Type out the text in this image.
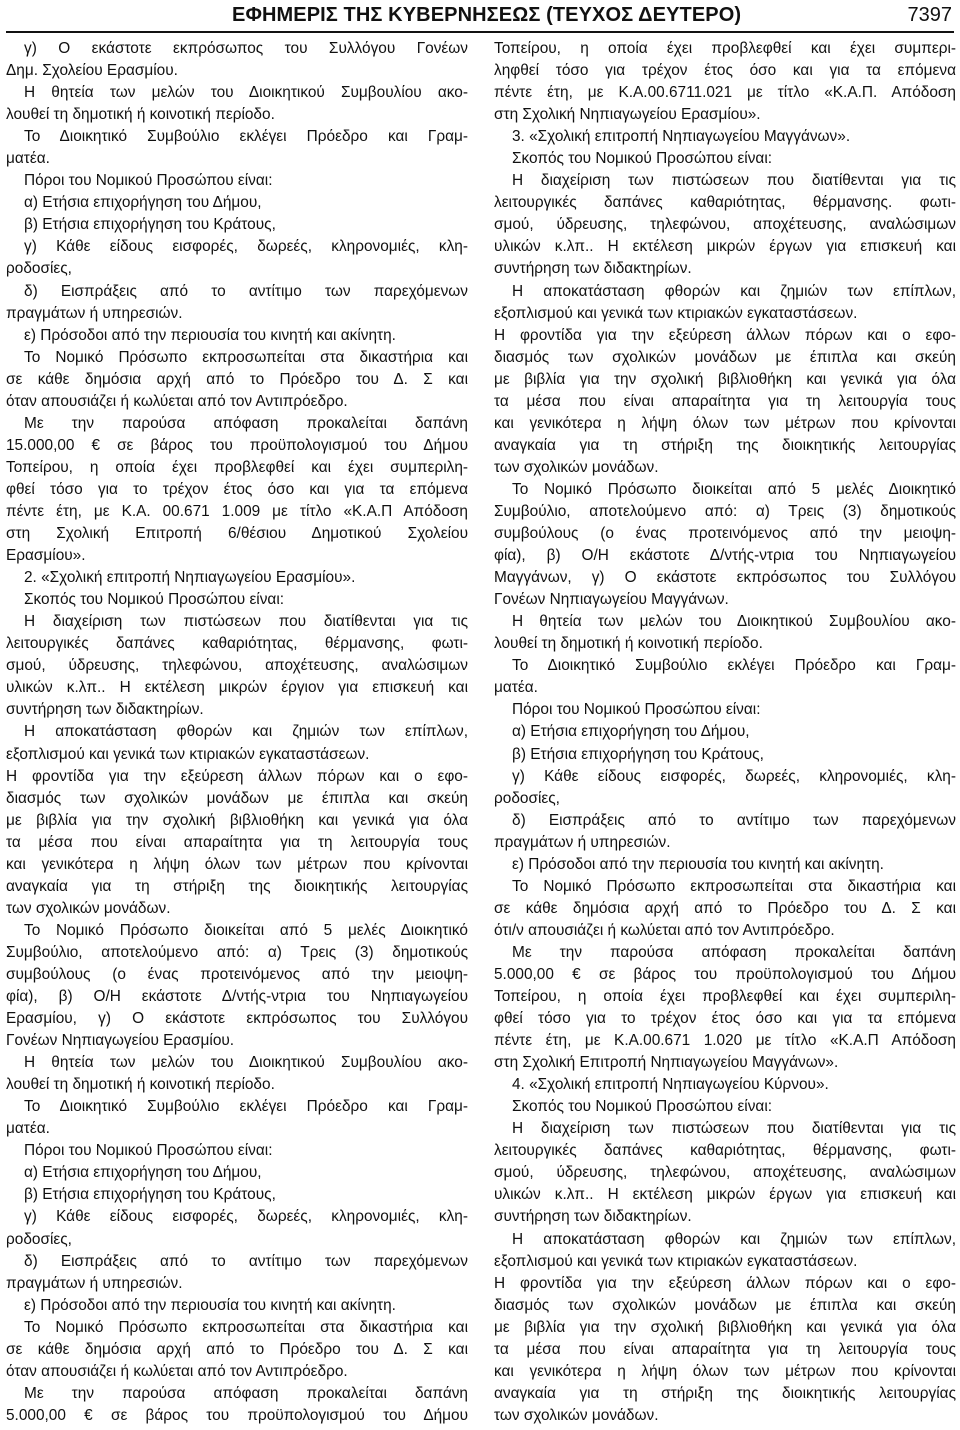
ΕΦΗΜΕΡΙΣ ΤΗΣ ΚΥΒΕΡΝΗΣΕΩΣ (ΤΕΥΧΟΣ ΔΕΥΤΕΡΟ)	7397
γ) Ο εκάστοτε εκπρόσωπος του Συλλόγου Γονέων
Δημ. Σχολείου Ερασμίου.
Η θητεία των μελών του Διοικητικού Συμβουλίου ακο-
λουθεί τη δημοτική ή κοινοτική περίοδο.
Το Διοικητικό Συμβούλιο εκλέγει Πρόεδρο και Γραμ-
ματέα.
Πόροι του Νομικού Προσώπου είναι:
α) Ετήσια επιχορήγηση του Δήμου,
β) Ετήσια επιχορήγηση του Κράτους,
γ) Κάθε είδους εισφορές, δωρεές, κληρονομιές, κλη-
ροδοσίες,
δ) Εισπράξεις από το αντίτιμο των παρεχόμενων
πραγμάτων ή υπηρεσιών.
ε) Πρόσοδοι από την περιουσία του κινητή και ακίνητη.
Το Νομικό Πρόσωπο εκπροσωπείται στα δικαστήρια και
σε κάθε δημόσια αρχή από το Πρόεδρο του Δ. Σ και
όταν απουσιάζει ή κωλύεται από τον Αντιπρόεδρο.
Με την παρούσα απόφαση προκαλείται δαπάνη
15.000,00 € σε βάρος του προϋπολογισμού του Δήμου
Τοπείρου, η οποία έχει προβλεφθεί και έχει συμπεριλη-
φθεί τόσο για το τρέχον έτος όσο και για τα επόμενα
πέντε έτη, με Κ.Α. 00.671 1.009 με τίτλο «Κ.Α.Π Απόδοση
στη Σχολική Επιτροπή 6/θέσιου Δημοτικού Σχολείου
Ερασμίου».
2. «Σχολική επιτροπή Νηπιαγωγείου Ερασμίου».
Σκοπός του Νομικού Προσώπου είναι:
Η διαχείριση των πιστώσεων που διατίθενται για τις
λειτουργικές δαπάνες καθαριότητας, θέρμανσης, φωτι-
σμού, ύδρευσης, τηλεφώνου, αποχέτευσης, αναλώσιμων
υλικών κ.λπ.. Η εκτέλεση μικρών έργιον για επισκευή και
συντήρηση των διδακτηρίων.
Η αποκατάσταση φθορών και ζημιών των επίπλων,
εξοπλισμού και γενικά των κτιριακών εγκαταστάσεων.
Η φροντίδα για την εξεύρεση άλλων πόρων και ο εφο-
διασμός των σχολικών μονάδων με έπιπλα και σκεύη
με βιβλία για την σχολική βιβλιοθήκη και γενικά για όλα
τα μέσα που είναι απαραίτητα για τη λειτουργία τους
και γενικότερα η λήψη όλων των μέτρων που κρίνονται
αναγκαία για τη στήριξη της διοικητικής λειτουργίας
των σχολικών μονάδων.
Το Νομικό Πρόσωπο διοικείται από 5 μελές Διοικητικό
Συμβούλιο, αποτελούμενο από: α) Τρεις (3) δημοτικούς
συμβούλους (ο ένας προτεινόμενος από την μειοψη-
φία), β) Ο/Η εκάστοτε Δ/ντής-ντρια του Νηπιαγωγείου
Ερασμίου, γ) Ο εκάστοτε εκπρόσωπος του Συλλόγου
Γονέων Νηπιαγωγείου Ερασμίου.
Η θητεία των μελών του Διοικητικού Συμβουλίου ακο-
λουθεί τη δημοτική ή κοινοτική περίοδο.
Το Διοικητικό Συμβούλιο εκλέγει Πρόεδρο και Γραμ-
ματέα.
Πόροι του Νομικού Προσώπου είναι:
α) Ετήσια επιχορήγηση του Δήμου,
β) Ετήσια επιχορήγηση του Κράτους,
γ) Κάθε είδους εισφορές, δωρεές, κληρονομιές, κλη-
ροδοσίες,
δ) Εισπράξεις από το αντίτιμο των παρεχόμενων
πραγμάτων ή υπηρεσιών.
ε) Πρόσοδοι από την περιουσία του κινητή και ακίνητη.
Το Νομικό Πρόσωπο εκπροσωπείται στα δικαστήρια και
σε κάθε δημόσια αρχή από το Πρόεδρο του Δ. Σ και
όταν απουσιάζει ή κωλύεται από τον Αντιπρόεδρο.
Με την παρούσα απόφαση προκαλείται δαπάνη
5.000,00 € σε βάρος του προϋπολογισμού του Δήμου
Τοπείρου, η οποία έχει προβλεφθεί και έχει συμπερι-
ληφθεί τόσο για τρέχον έτος όσο και για τα επόμενα
πέντε έτη, με Κ.Α.00.6711.021 με τίτλο «Κ.Α.Π. Απόδοση
στη Σχολική Νηπιαγωγείου Ερασμίου».
3. «Σχολική επιτροπή Νηπιαγωγείου Μαγγάνων».
Σκοπός του Νομικού Προσώπου είναι:
Η διαχείριση των πιστώσεων που διατίθενται για τις
λειτουργικές δαπάνες καθαριότητας, θέρμανσης. φωτι-
σμού, ύδρευσης, τηλεφώνου, αποχέτευσης, αναλώσιμων
υλικών κ.λπ.. Η εκτέλεση μικρών έργων για επισκευή και
συντήρηση των διδακτηρίων.
Η αποκατάσταση φθορών και ζημιών των επίπλων,
εξοπλισμού και γενικά των κτιριακών εγκαταστάσεων.
Η φροντίδα για την εξεύρεση άλλων πόρων και ο εφο-
διασμός των σχολικών μονάδων με έπιπλα και σκεύη
με βιβλία για την σχολική βιβλιοθήκη και γενικά για όλα
τα μέσα που είναι απαραίτητα για τη λειτουργία τους
και γενικότερα η λήψη όλων των μέτρων που κρίνονται
αναγκαία για τη στήριξη της διοικητικής λειτουργίας
των σχολικών μονάδων.
Το Νομικό Πρόσωπο διοικείται από 5 μελές Διοικητικό
Συμβούλιο, αποτελούμενο από: α) Τρεις (3) δημοτικούς
συμβούλους (ο ένας προτεινόμενος από την μειοψη-
φία), β) Ο/Η εκάστοτε Δ/ντής-ντρια του Νηπιαγωγείου
Μαγγάνων, γ) Ο εκάστοτε εκπρόσωπος του Συλλόγου
Γονέων Νηπιαγωγείου Μαγγάνων.
Η θητεία των μελών του Διοικητικού Συμβουλίου ακο-
λουθεί τη δημοτική ή κοινοτική περίοδο.
Το Διοικητικό Συμβούλιο εκλέγει Πρόεδρο και Γραμ-
ματέα.
Πόροι του Νομικού Προσώπου είναι:
α) Ετήσια επιχορήγηση του Δήμου,
β) Ετήσια επιχορήγηση του Κράτους,
γ) Κάθε είδους εισφορές, δωρεές, κληρονομιές, κλη-
ροδοσίες,
δ) Εισπράξεις από το αντίτιμο των παρεχόμενων
πραγμάτων ή υπηρεσιών.
ε) Πρόσοδοι από την περιουσία του κινητή και ακίνητη.
Το Νομικό Πρόσωπο εκπροσωπείται στα δικαστήρια και
σε κάθε δημόσια αρχή από το Πρόεδρο του Δ. Σ και
ότι/ν απουσιάζει ή κωλύεται από τον Αντιπρόεδρο.
Με την παρούσα απόφαση προκαλείται δαπάνη
5.000,00 € σε βάρος του προϋπολογισμού του Δήμου
Τοπείρου, η οποία έχει προβλεφθεί και έχει συμπεριλη-
φθεί τόσο για το τρέχον έτος όσο και για τα επόμενα
πέντε έτη, με Κ.Α.00.671 1.020 με τίτλο «Κ.Α.Π Απόδοση
στη Σχολική Επιτροπή Νηπιαγωγείου Μαγγάνων».
4. «Σχολική επιτροπή Νηπιαγωγείου Κύρνου».
Σκοπός του Νομικού Προσώπου είναι:
Η διαχείριση των πιστώσεων που διατίθενται για τις
λειτουργικές δαπάνες καθαριότητας, θέρμανσης, φωτι-
σμού, ύδρευσης, τηλεφώνου, αποχέτευσης, αναλώσιμων
υλικών κ.λπ.. Η εκτέλεση μικρών έργων για επισκευή και
συντήρηση των διδακτηρίων.
Η αποκατάσταση φθορών και ζημιών των επίπλων,
εξοπλισμού και γενικά των κτιριακών εγκαταστάσεων.
Η φροντίδα για την εξεύρεση άλλων πόρων και ο εφο-
διασμός των σχολικών μονάδων με έπιπλα και σκεύη
με βιβλία για την σχολική βιβλιοθήκη και γενικά για όλα
τα μέσα που είναι απαραίτητα για τη λειτουργία τους
και γενικότερα η λήψη όλων των μέτρων που κρίνονται
αναγκαία για τη στήριξη της διοικητικής λειτουργίας
των σχολικών μονάδων.
